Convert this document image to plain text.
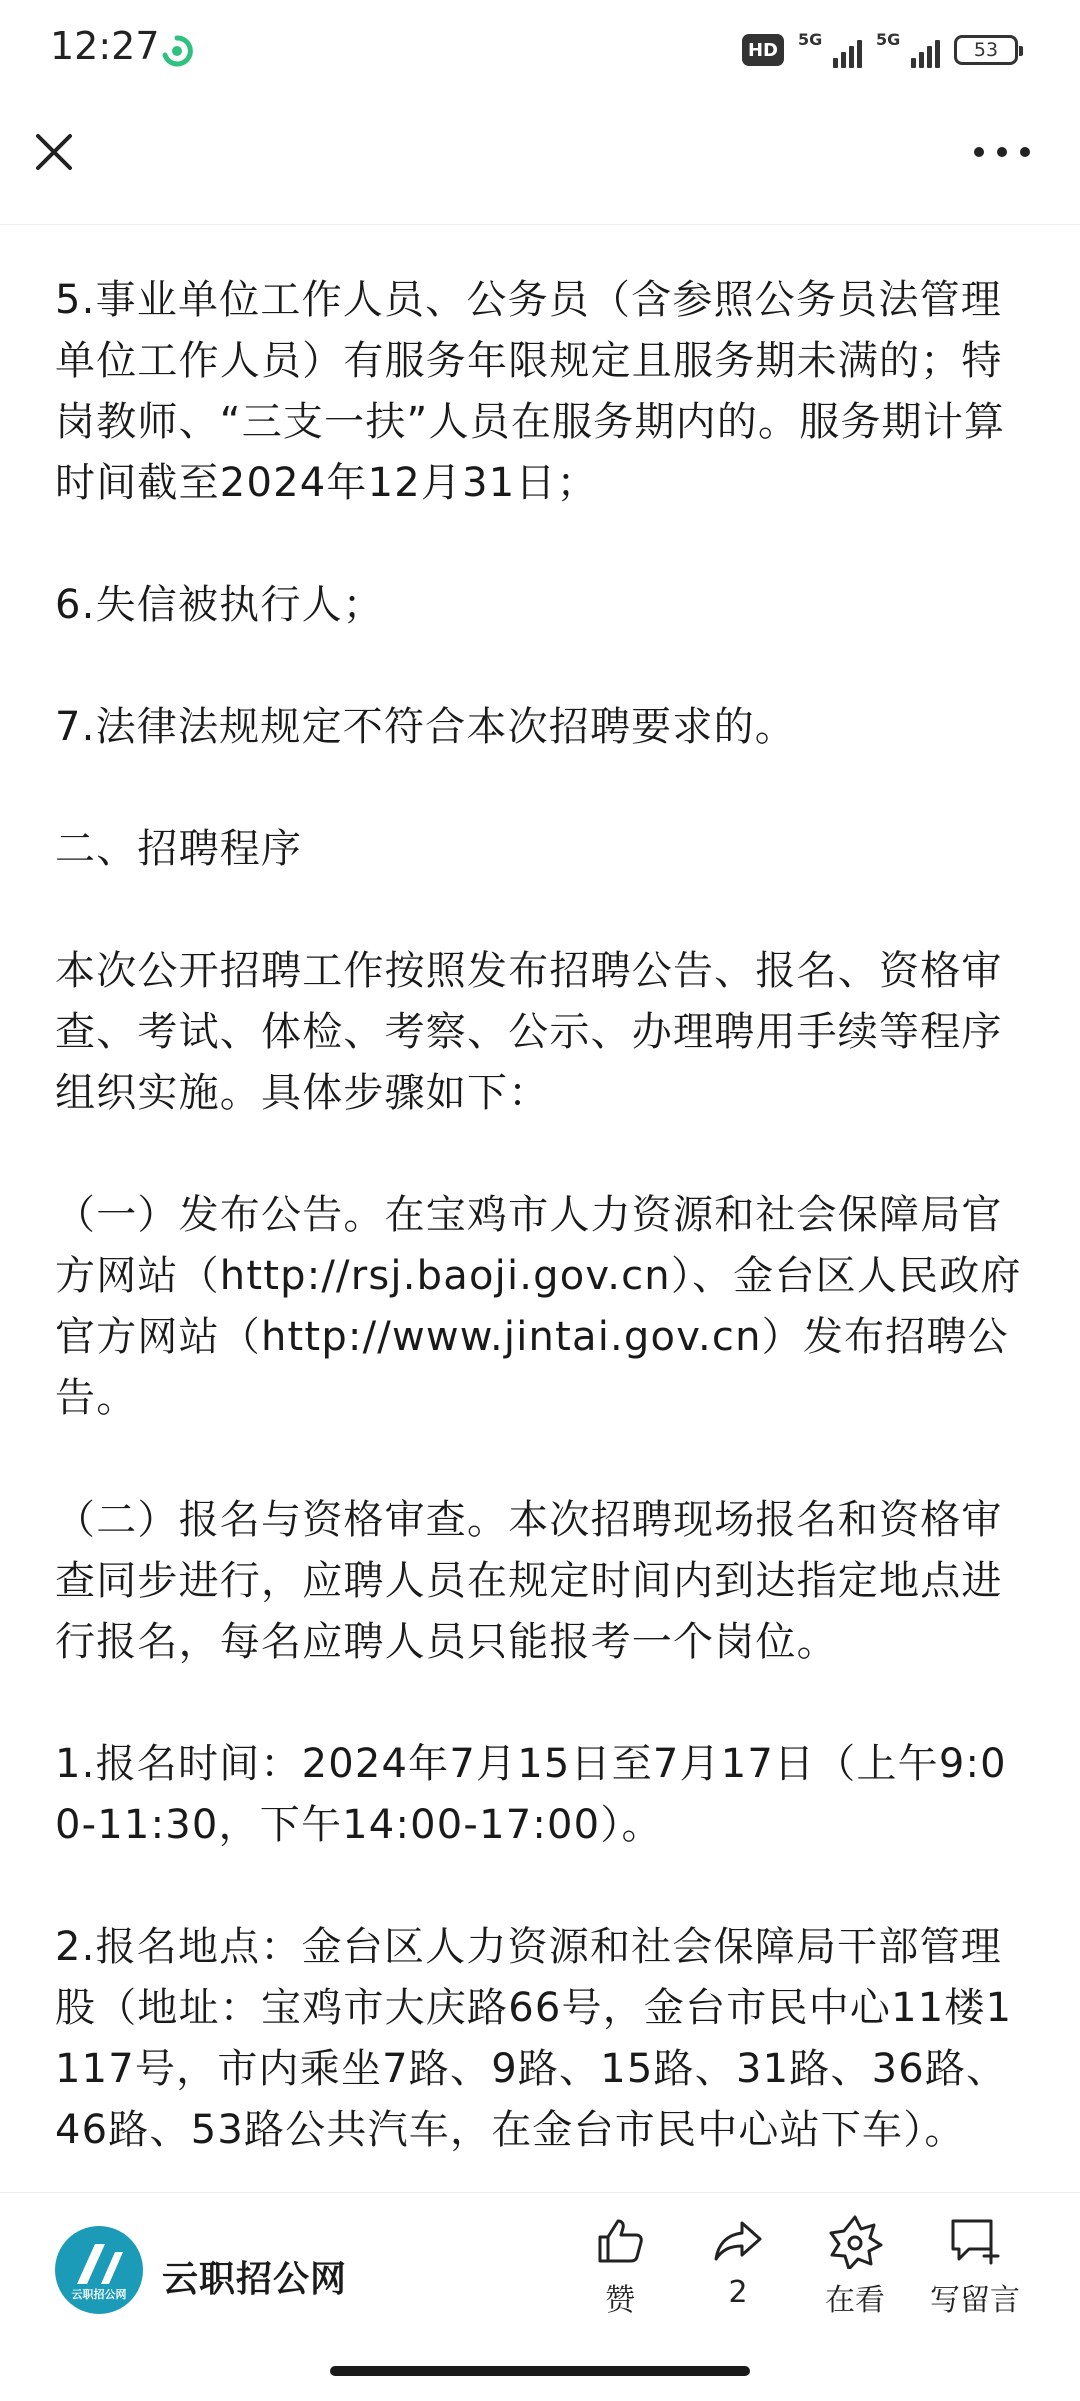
12:27	HD	5G	5G	53

5.事业单位工作人员、公务员（含参照公务员法管理单位工作人员）有服务年限规定且服务期未满的；特岗教师、“三支一扶”人员在服务期内的。服务期计算时间截至2024年12月31日；

6.失信被执行人；

7.法律法规规定不符合本次招聘要求的。

二、招聘程序

本次公开招聘工作按照发布招聘公告、报名、资格审查、考试、体检、考察、公示、办理聘用手续等程序组织实施。具体步骤如下：

（一）发布公告。在宝鸡市人力资源和社会保障局官方网站（http://rsj.baoji.gov.cn）、金台区人民政府官方网站（http://www.jintai.gov.cn）发布招聘公告。

（二）报名与资格审查。本次招聘现场报名和资格审查同步进行，应聘人员在规定时间内到达指定地点进行报名，每名应聘人员只能报考一个岗位。

1.报名时间：2024年7月15日至7月17日（上午9:00-11:30，下午14:00-17:00）。

2.报名地点：金台区人力资源和社会保障局干部管理股（地址：宝鸡市大庆路66号，金台市民中心11楼1117号，市内乘坐7路、9路、15路、31路、36路、46路、53路公共汽车，在金台市民中心站下车）。

云职招公网 云职招公网
赞	2	在看	写留言
